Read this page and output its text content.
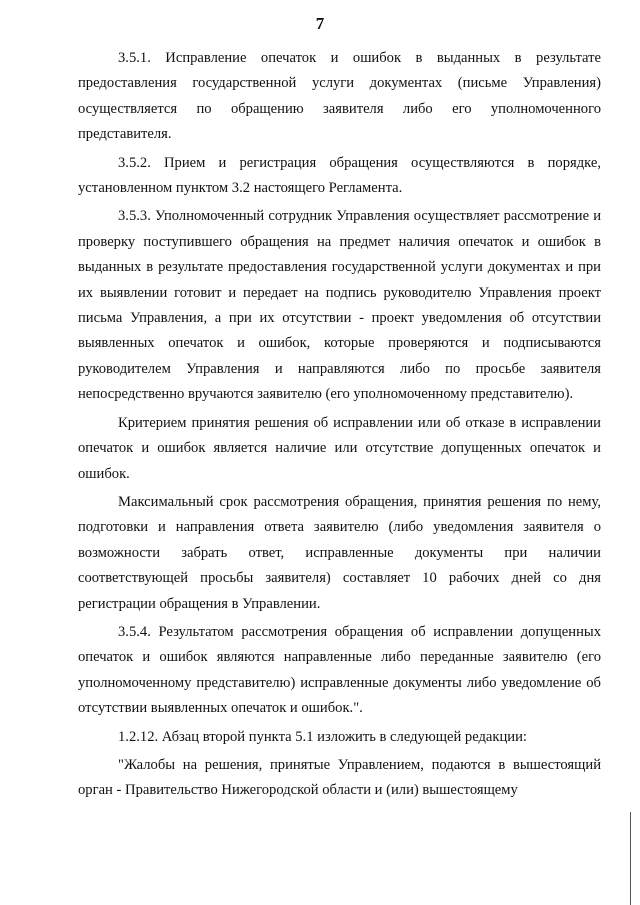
7

3.5.1. Исправление опечаток и ошибок в выданных в результате предоставления государственной услуги документах (письме Управления) осуществляется по обращению заявителя либо его уполномоченного представителя.

3.5.2. Прием и регистрация обращения осуществляются в порядке, установленном пунктом 3.2 настоящего Регламента.

3.5.3. Уполномоченный сотрудник Управления осуществляет рассмотрение и проверку поступившего обращения на предмет наличия опечаток и ошибок в выданных в результате предоставления государственной услуги документах и при их выявлении готовит и передает на подпись руководителю Управления проект письма Управления, а при их отсутствии - проект уведомления об отсутствии выявленных опечаток и ошибок, которые проверяются и подписываются руководителем Управления и направляются либо по просьбе заявителя непосредственно вручаются заявителю (его уполномоченному представителю).

Критерием принятия решения об исправлении или об отказе в исправлении опечаток и ошибок является наличие или отсутствие допущенных опечаток и ошибок.

Максимальный срок рассмотрения обращения, принятия решения по нему, подготовки и направления ответа заявителю (либо уведомления заявителя о возможности забрать ответ, исправленные документы при наличии соответствующей просьбы заявителя) составляет 10 рабочих дней со дня регистрации обращения в Управлении.

3.5.4. Результатом рассмотрения обращения об исправлении допущенных опечаток и ошибок являются направленные либо переданные заявителю (его уполномоченному представителю) исправленные документы либо уведомление об отсутствии выявленных опечаток и ошибок.".

1.2.12. Абзац второй пункта 5.1 изложить в следующей редакции:

"Жалобы на решения, принятые Управлением, подаются в вышестоящий орган - Правительство Нижегородской области и (или) вышестоящему
